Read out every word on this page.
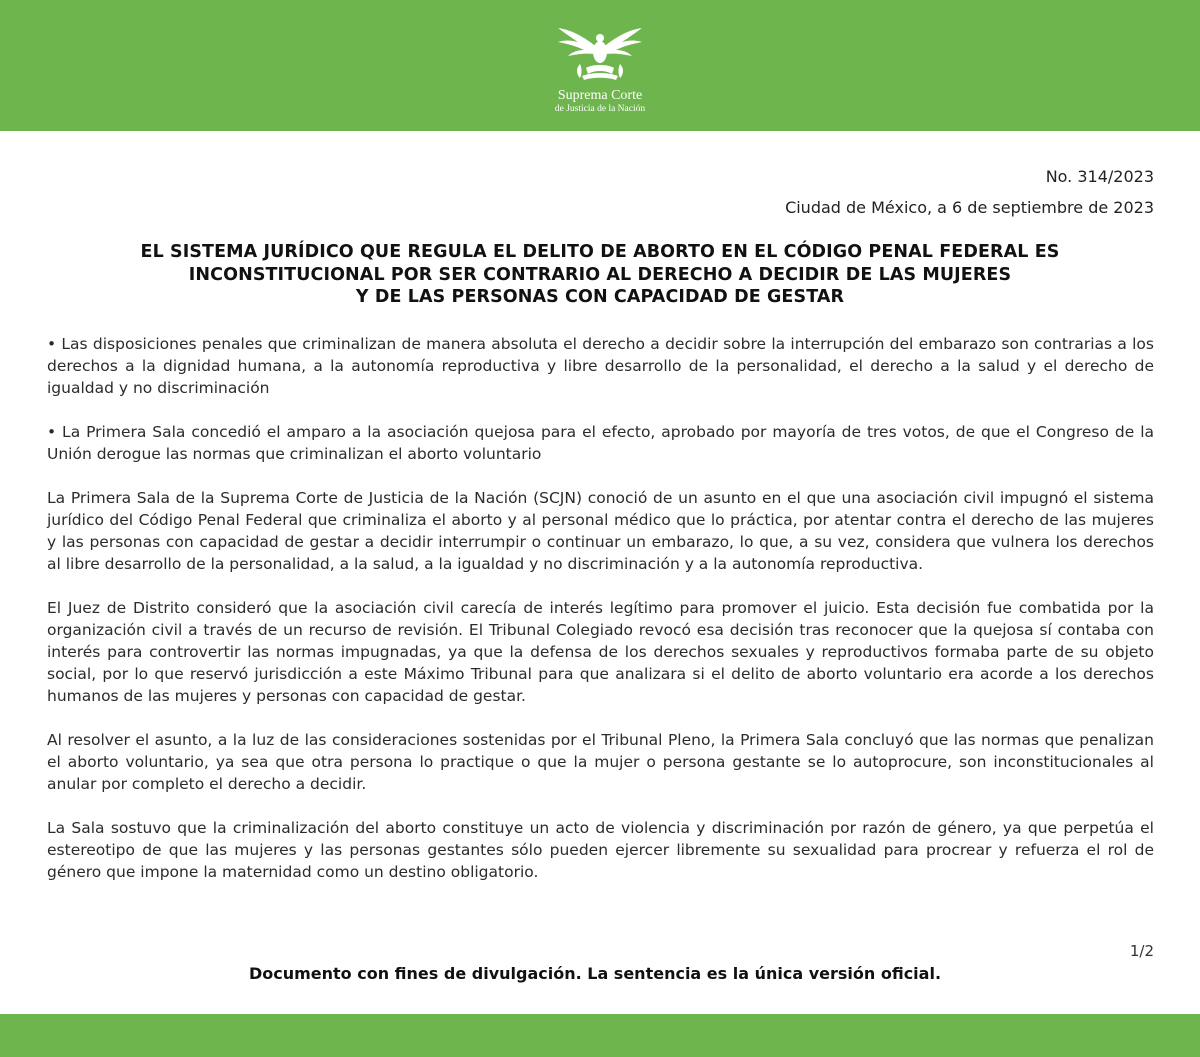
Suprema Corte
de Justicia de la Nación
No. 314/2023
Ciudad de México, a 6 de septiembre de 2023
EL SISTEMA JURÍDICO QUE REGULA EL DELITO DE ABORTO EN EL CÓDIGO PENAL FEDERAL ES
INCONSTITUCIONAL POR SER CONTRARIO AL DERECHO A DECIDIR DE LAS MUJERES
Y DE LAS PERSONAS CON CAPACIDAD DE GESTAR

• Las disposiciones penales que criminalizan de manera absoluta el derecho a decidir sobre la interrupción del embarazo son contrarias a los derechos a la dignidad humana, a la autonomía reproductiva y libre desarrollo de la personalidad, el derecho a la salud y el derecho de igualdad y no discriminación

• La Primera Sala concedió el amparo a la asociación quejosa para el efecto, aprobado por mayoría de tres votos, de que el Congreso de la Unión derogue las normas que criminalizan el aborto voluntario

La Primera Sala de la Suprema Corte de Justicia de la Nación (SCJN) conoció de un asunto en el que una asociación civil impugnó el sistema jurídico del Código Penal Federal que criminaliza el aborto y al personal médico que lo práctica, por atentar contra el derecho de las mujeres y las personas con capacidad de gestar a decidir interrumpir o continuar un embarazo, lo que, a su vez, considera que vulnera los derechos al libre desarrollo de la personalidad, a la salud, a la igualdad y no discriminación y a la autonomía reproductiva.

El Juez de Distrito consideró que la asociación civil carecía de interés legítimo para promover el juicio. Esta decisión fue combatida por la organización civil a través de un recurso de revisión. El Tribunal Colegiado revocó esa decisión tras reconocer que la quejosa sí contaba con interés para controvertir las normas impugnadas, ya que la defensa de los derechos sexuales y reproductivos formaba parte de su objeto social, por lo que reservó jurisdicción a este Máximo Tribunal para que analizara si el delito de aborto voluntario era acorde a los derechos humanos de las mujeres y personas con capacidad de gestar.

Al resolver el asunto, a la luz de las consideraciones sostenidas por el Tribunal Pleno, la Primera Sala concluyó que las normas que penalizan el aborto voluntario, ya sea que otra persona lo practique o que la mujer o persona gestante se lo autoprocure, son inconstitucionales al anular por completo el derecho a decidir.

La Sala sostuvo que la criminalización del aborto constituye un acto de violencia y discriminación por razón de género, ya que perpetúa el estereotipo de que las mujeres y las personas gestantes sólo pueden ejercer libremente su sexualidad para procrear y refuerza el rol de género que impone la maternidad como un destino obligatorio.

1/2
Documento con fines de divulgación. La sentencia es la única versión oficial.
